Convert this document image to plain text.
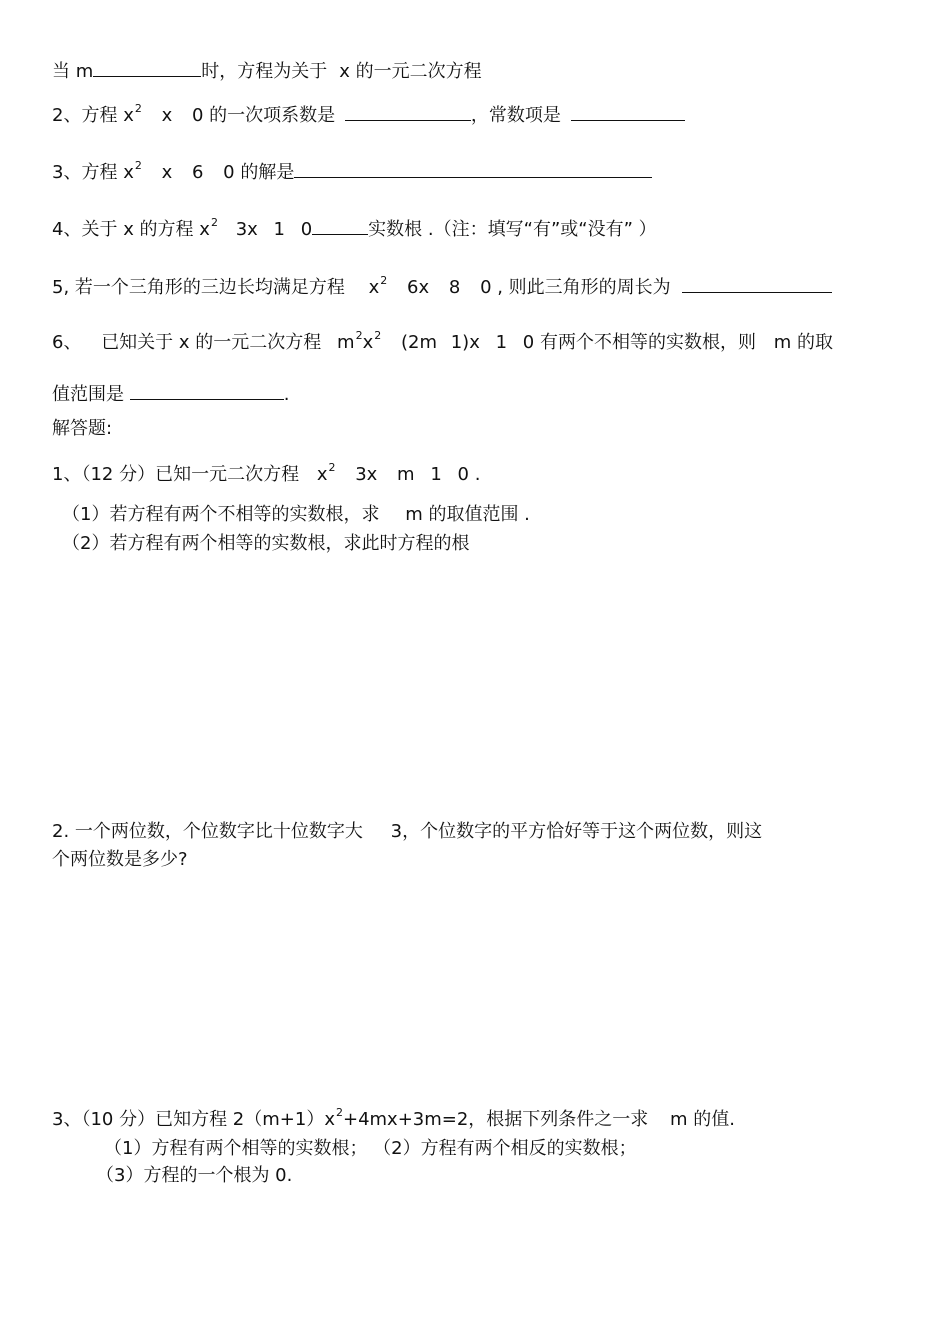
当 m	时，方程为关于 x 的一元二次方程
2、方程 $x^2$ x 0 的一次项系数是	，常数项是
3、方程 $x^2$ x 6 0 的解是
4、关于 x 的方程 $x^2$ 3x 1 0	实数根 .（注：填写“有”或“没有” ）
5, 若一个三角形的三边长均满足方程 $x^2$ 6x 8 0 , 则此三角形的周长为
6、 已知关于 x 的一元二次方程 $m^2x^2$ (2m 1)x 1 0 有两个不相等的实数根，则 m 的取
值范围是	.
解答题:
1、（12 分）已知一元二次方程 $x^2$ 3x m 1 0 .
（1）若方程有两个不相等的实数根，求 m 的取值范围 .
（2）若方程有两个相等的实数根，求此时方程的根
2. 一个两位数，个位数字比十位数字大 3，个位数字的平方恰好等于这个两位数，则这
个两位数是多少?
3、（10 分）已知方程 $2(m+1)x^2+4mx+3m=2$，根据下列条件之一求 m 的值.
（1）方程有两个相等的实数根； （2）方程有两个相反的实数根；
（3）方程的一个根为 0.
